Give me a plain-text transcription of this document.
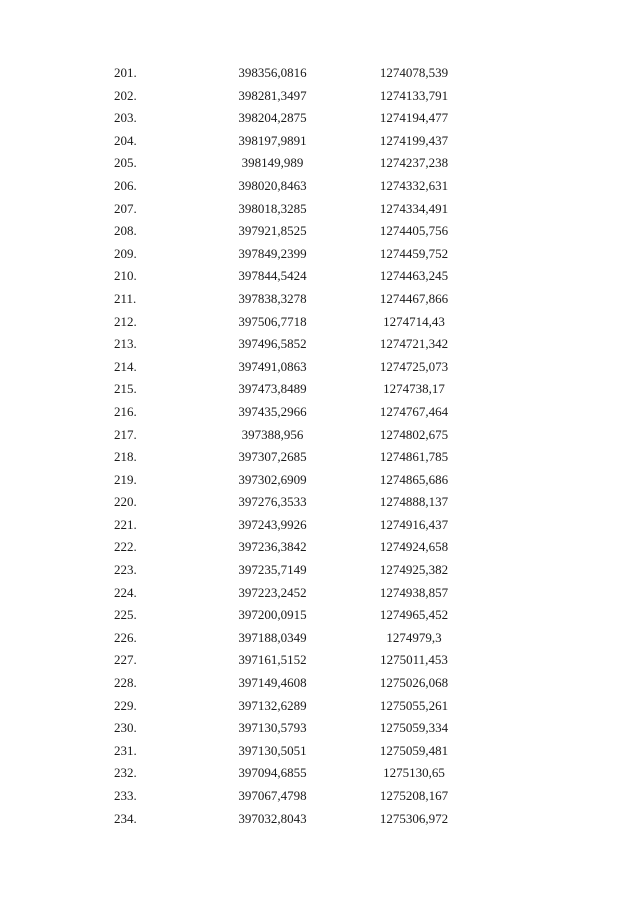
201.	398356,0816	1274078,539
202.	398281,3497	1274133,791
203.	398204,2875	1274194,477
204.	398197,9891	1274199,437
205.	398149,989	1274237,238
206.	398020,8463	1274332,631
207.	398018,3285	1274334,491
208.	397921,8525	1274405,756
209.	397849,2399	1274459,752
210.	397844,5424	1274463,245
211.	397838,3278	1274467,866
212.	397506,7718	1274714,43
213.	397496,5852	1274721,342
214.	397491,0863	1274725,073
215.	397473,8489	1274738,17
216.	397435,2966	1274767,464
217.	397388,956	1274802,675
218.	397307,2685	1274861,785
219.	397302,6909	1274865,686
220.	397276,3533	1274888,137
221.	397243,9926	1274916,437
222.	397236,3842	1274924,658
223.	397235,7149	1274925,382
224.	397223,2452	1274938,857
225.	397200,0915	1274965,452
226.	397188,0349	1274979,3
227.	397161,5152	1275011,453
228.	397149,4608	1275026,068
229.	397132,6289	1275055,261
230.	397130,5793	1275059,334
231.	397130,5051	1275059,481
232.	397094,6855	1275130,65
233.	397067,4798	1275208,167
234.	397032,8043	1275306,972
